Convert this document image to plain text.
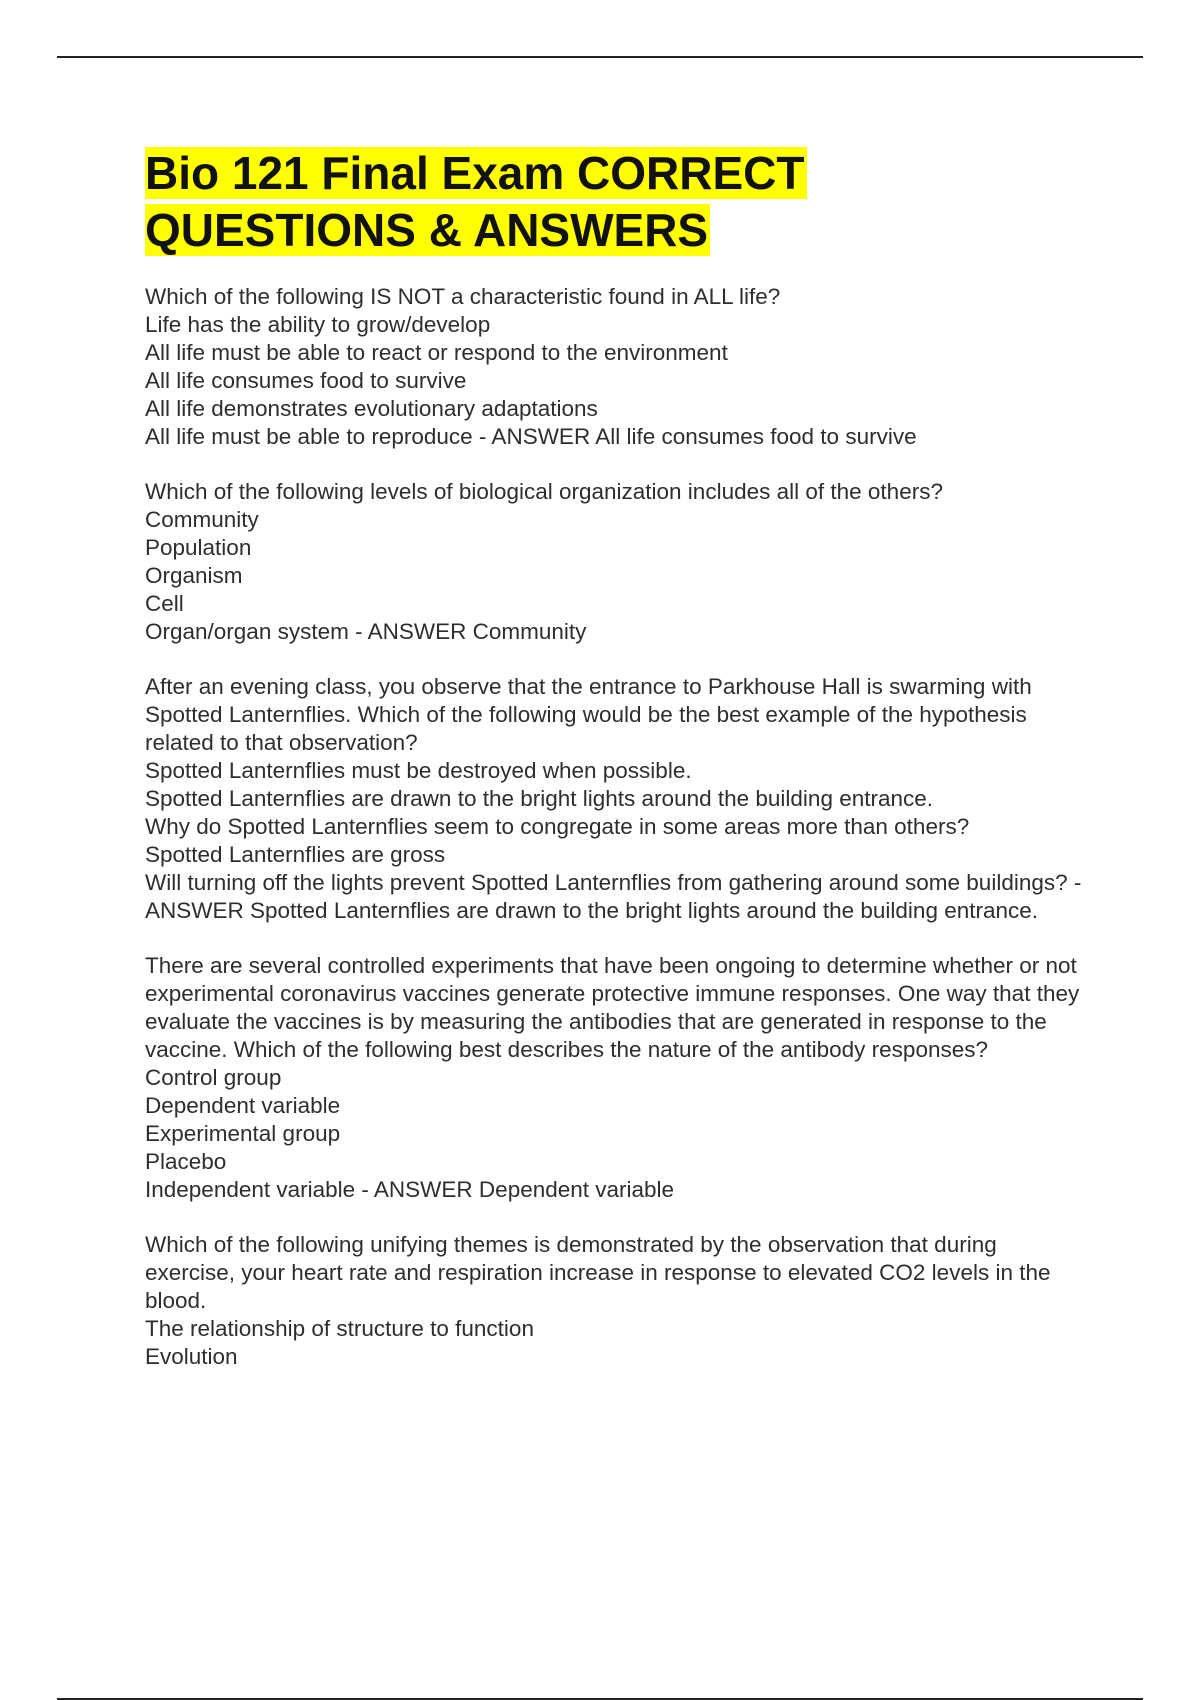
Bio 121 Final Exam CORRECT QUESTIONS & ANSWERS

Which of the following IS NOT a characteristic found in ALL life?

Life has the ability to grow/develop

All life must be able to react or respond to the environment

All life consumes food to survive

All life demonstrates evolutionary adaptations

All life must be able to reproduce - ANSWER All life consumes food to survive

Which of the following levels of biological organization includes all of the others?

Community

Population

Organism

Cell

Organ/organ system - ANSWER Community

After an evening class, you observe that the entrance to Parkhouse Hall is swarming with Spotted Lanternflies. Which of the following would be the best example of the hypothesis related to that observation?

Spotted Lanternflies must be destroyed when possible.

Spotted Lanternflies are drawn to the bright lights around the building entrance.

Why do Spotted Lanternflies seem to congregate in some areas more than others?

Spotted Lanternflies are gross

Will turning off the lights prevent Spotted Lanternflies from gathering around some buildings? - ANSWER Spotted Lanternflies are drawn to the bright lights around the building entrance.

There are several controlled experiments that have been ongoing to determine whether or not experimental coronavirus vaccines generate protective immune responses. One way that they evaluate the vaccines is by measuring the antibodies that are generated in response to the vaccine. Which of the following best describes the nature of the antibody responses?

Control group

Dependent variable

Experimental group

Placebo

Independent variable - ANSWER Dependent variable

Which of the following unifying themes is demonstrated by the observation that during exercise, your heart rate and respiration increase in response to elevated CO2 levels in the blood.

The relationship of structure to function

Evolution
